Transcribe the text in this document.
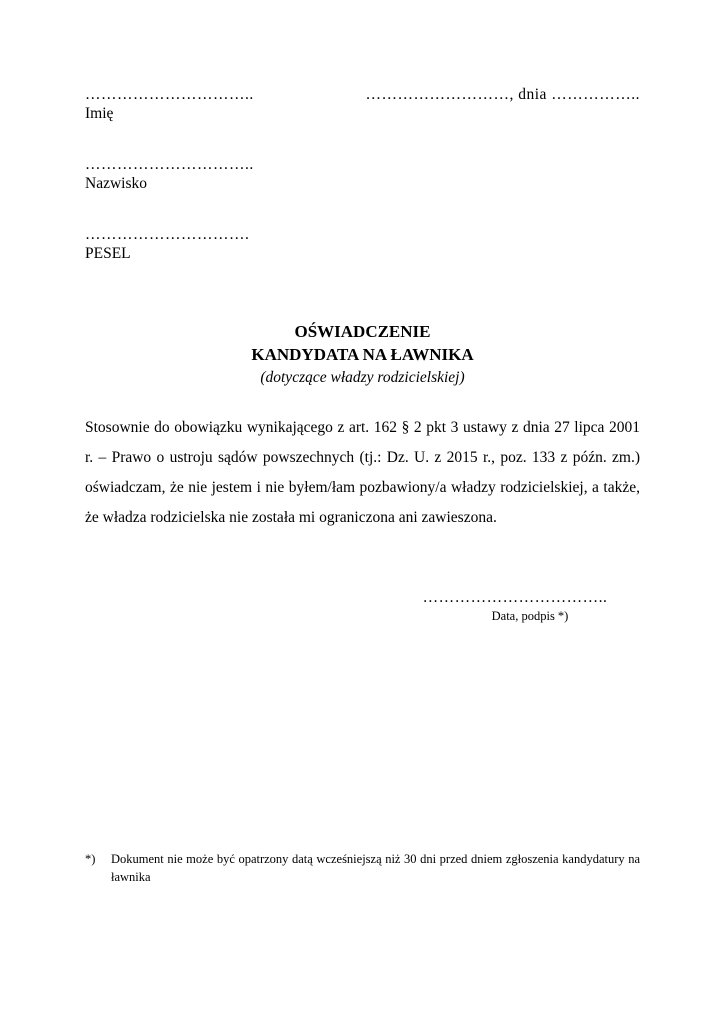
…………………………..
Imię
………………………, dnia ……………..
…………………………..
Nazwisko
………………………….
PESEL
OŚWIADCZENIE
KANDYDATA NA ŁAWNIKA
(dotyczące władzy rodzicielskiej)

Stosownie do obowiązku wynikającego z art. 162 § 2 pkt 3 ustawy z dnia 27 lipca 2001 r. – Prawo o ustroju sądów powszechnych (tj.: Dz. U. z 2015 r., poz. 133 z późn. zm.) oświadczam, że nie jestem i nie byłem/łam pozbawiony/a władzy rodzicielskiej, a także, że władza rodzicielska nie została mi ograniczona ani zawieszona.

……………………………..
Data, podpis *)
*)	Dokument nie może być opatrzony datą wcześniejszą niż 30 dni przed dniem zgłoszenia kandydatury na ławnika
